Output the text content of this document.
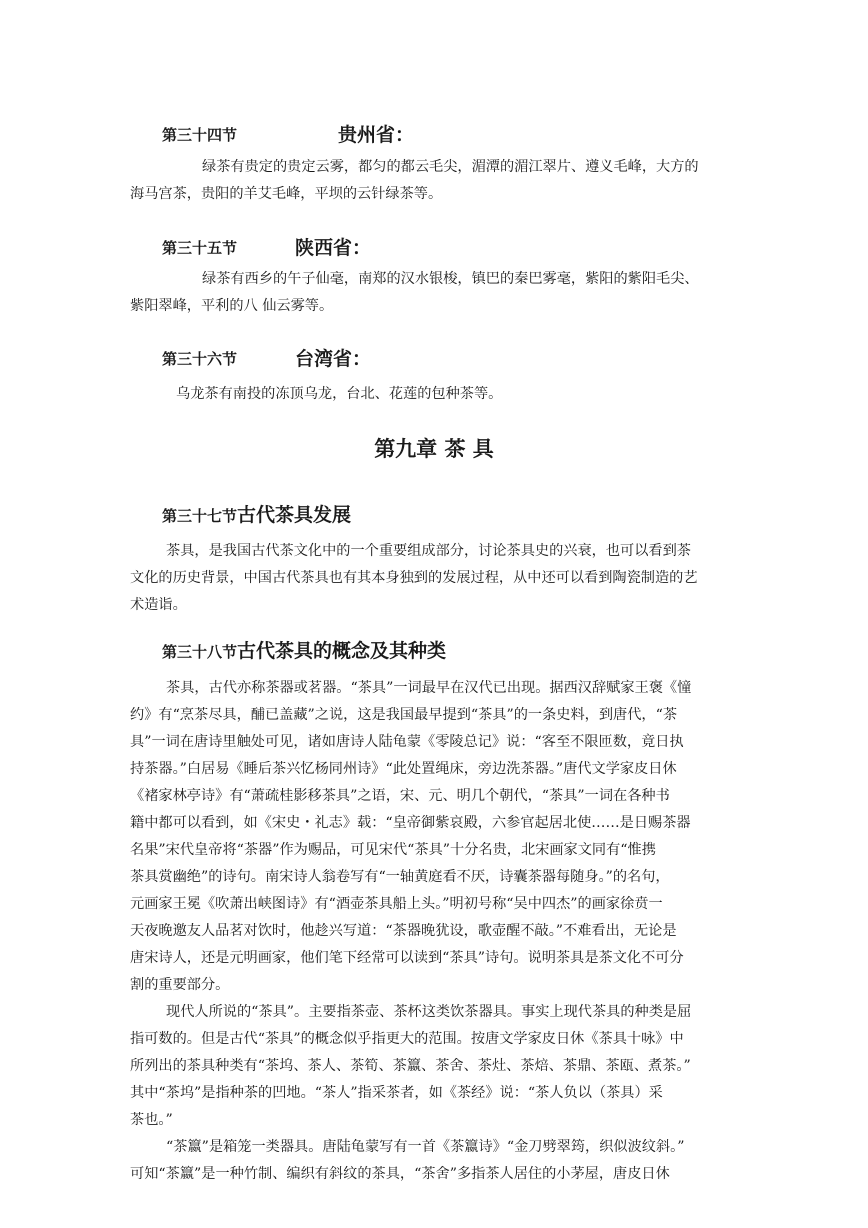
第三十四节	贵州省：
绿茶有贵定的贵定云雾，都匀的都云毛尖，湄潭的湄江翠片、遵义毛峰，大方的
海马宫茶，贵阳的羊艾毛峰，平坝的云针绿茶等。
第三十五节	陕西省：
绿茶有西乡的午子仙毫，南郑的汉水银梭，镇巴的秦巴雾毫，紫阳的紫阳毛尖、
紫阳翠峰，平利的八 仙云雾等。
第三十六节	台湾省：
乌龙茶有南投的冻顶乌龙，台北、花莲的包种茶等。
第九章 茶 具
第三十七节古代茶具发展
茶具，是我国古代茶文化中的一个重要组成部分，讨论茶具史的兴衰，也可以看到茶
文化的历史背景，中国古代茶具也有其本身独到的发展过程，从中还可以看到陶瓷制造的艺
术造诣。
第三十八节古代茶具的概念及其种类
茶具，古代亦称茶器或茗器。“茶具”一词最早在汉代已出现。据西汉辞赋家王褒《憧
约》有“烹茶尽具，酺已盖藏”之说，这是我国最早提到“茶具”的一条史料，到唐代，“茶
具”一词在唐诗里触处可见，诸如唐诗人陆龟蒙《零陵总记》说：“客至不限匝数，竟日执
持茶器。”白居易《睡后茶兴忆杨同州诗》“此处置绳床，旁边洗茶器。”唐代文学家皮日休
《褚家林亭诗》有“萧疏桂影移茶具”之语，宋、元、明几个朝代，“茶具”一词在各种书
籍中都可以看到，如《宋史・礼志》载：“皇帝御紫哀殿，六参官起居北使……是日赐茶器
名果”宋代皇帝将“茶器”作为赐品，可见宋代“茶具”十分名贵，北宋画家文同有“惟携
茶具赏幽绝”的诗句。南宋诗人翁卷写有“一轴黄庭看不厌，诗囊茶器每随身。”的名句，
元画家王冕《吹萧出峡图诗》有“酒壶茶具船上头。”明初号称“吴中四杰”的画家徐贲一
天夜晚邀友人品茗对饮时，他趁兴写道：“茶器晚犹设，歌壶醒不敲。”不难看出，无论是
唐宋诗人，还是元明画家，他们笔下经常可以读到“茶具”诗句。说明茶具是茶文化不可分
割的重要部分。
现代人所说的“茶具”。主要指茶壶、茶杯这类饮茶器具。事实上现代茶具的种类是屈
指可数的。但是古代“茶具”的概念似乎指更大的范围。按唐文学家皮日休《茶具十咏》中
所列出的茶具种类有“茶坞、茶人、茶筍、茶籝、茶舍、茶灶、茶焙、茶鼎、茶瓯、煮茶。”
其中“茶坞”是指种茶的凹地。“茶人”指采茶者，如《茶经》说：“茶人负以（茶具）采
茶也。”
“茶籝”是箱笼一类器具。唐陆龟蒙写有一首《茶籝诗》“金刀劈翠筠，织似波纹斜。”
可知“茶籝”是一种竹制、编织有斜纹的茶具，“茶舍”多指茶人居住的小茅屋，唐皮日休
